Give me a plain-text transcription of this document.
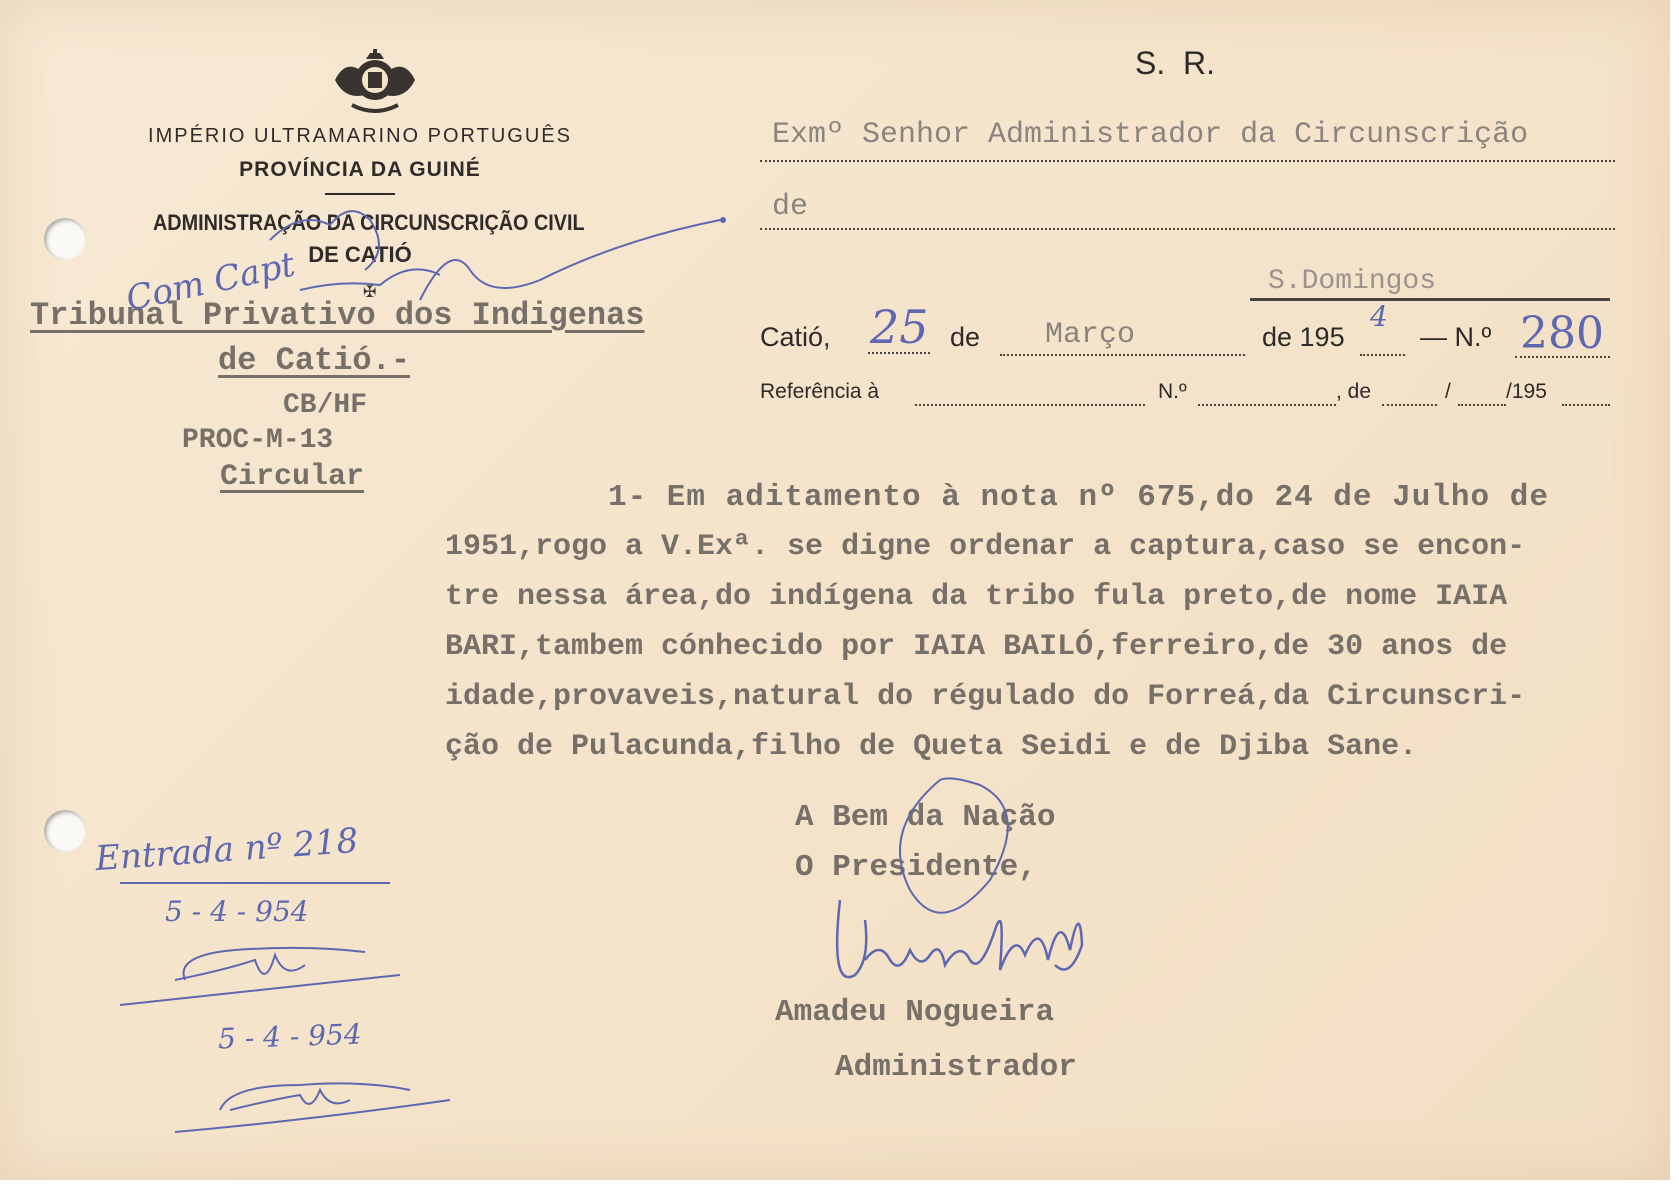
IMPÉRIO ULTRAMARINO PORTUGUÊS
PROVÍNCIA DA GUINÉ
ADMINISTRAÇÃO DA CIRCUNSCRIÇÃO CIVIL
DE CATIÓ
✠
Tribunal Privativo dos Indigenas
de Catió.-
CB/HF
PROC-M-13
Circular
S.  R.
Exmº Senhor Administrador da Circunscrição
de
S.Domingos
Catió, 25 de Março	de 195
4
— N.º 280
Referência à	N.º	, de	/	/195
1- Em aditamento à nota nº 675,do 24 de Julho de
1951,rogo a V.Exª. se digne ordenar a captura,caso se encon-
tre nessa área,do indígena da tribo fula preto,de nome IAIA
BARI,tambem cónhecido por IAIA BAILÓ,ferreiro,de 30 anos de
idade,provaveis,natural do régulado do Forreá,da Circunscri-
ção de Pulacunda,filho de Queta Seidi e de Djiba Sane.
A Bem da Nação
O Presidente,
Amadeu Nogueira
Administrador
Com Capt
Entrada nº 218
5 - 4 - 954
5 - 4 - 954
